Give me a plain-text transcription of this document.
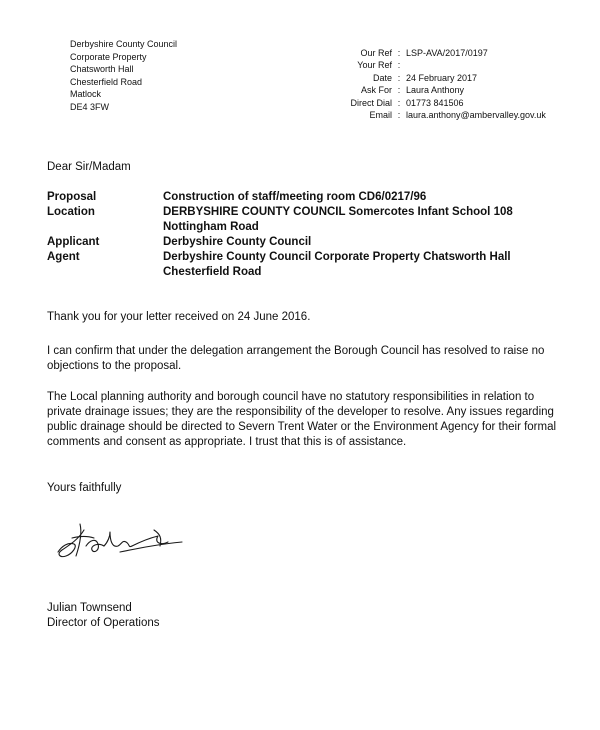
Derbyshire County Council
Corporate Property
Chatsworth Hall
Chesterfield Road
Matlock
DE4 3FW
Our Ref : LSP-AVA/2017/0197
Your Ref :
Date : 24 February 2017
Ask For : Laura Anthony
Direct Dial : 01773 841506
Email : laura.anthony@ambervalley.gov.uk
Dear Sir/Madam
Proposal	Construction of staff/meeting room CD6/0217/96
Location	DERBYSHIRE COUNTY COUNCIL Somercotes Infant School 108 Nottingham Road
Applicant	Derbyshire County Council
Agent	Derbyshire County Council Corporate Property Chatsworth Hall Chesterfield Road
Thank you for your letter received on 24 June 2016.
I can confirm that under the delegation arrangement the Borough Council has resolved to raise no objections to the proposal.
The Local planning authority and borough council have no statutory responsibilities in relation to private drainage issues; they are the responsibility of the developer to resolve. Any issues regarding public drainage should be directed to Severn Trent Water or the Environment Agency for their formal comments and consent as appropriate. I trust that this is of assistance.
Yours faithfully
Julian Townsend
Director of Operations
